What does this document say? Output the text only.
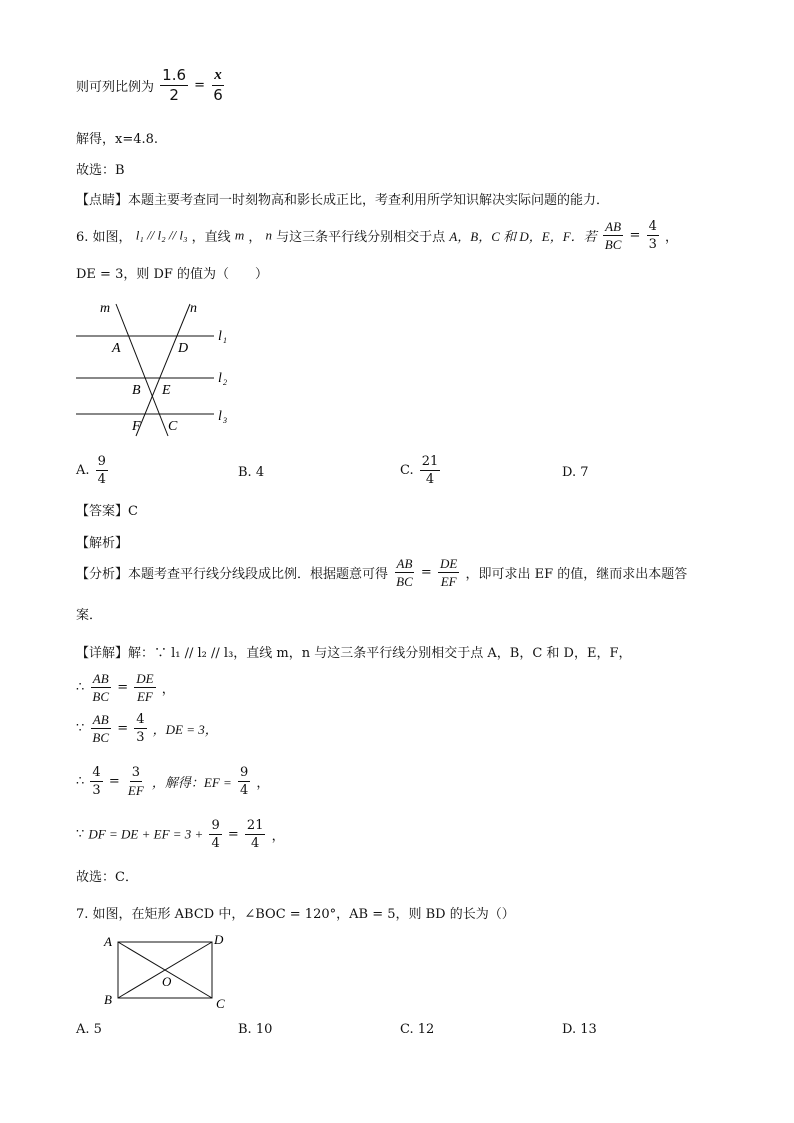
则可列比例为 $\frac{1.6}{2} = \frac{x}{6}$
解得，x=4.8.
故选：B
【点睛】本题主要考查同一时刻物高和影长成正比，考查利用所学知识解决实际问题的能力．
6. 如图， l₁ // l₂ // l₃ ，直线 m ， n 与这三条平行线分别相交于点 A，B，C 和 D，E，F．若 $\frac{AB}{BC} = \frac{4}{3}$ ，
DE = 3，则 DF 的值为（　　）
m	n
l 1
l 2
l 3
A	D
B E
F C
A. $\frac{9}{4}$	B. 4	C. $\frac{21}{4}$	D. 7
【答案】C
【解析】
【分析】本题考查平行线分线段成比例．根据题意可得 $\frac{AB}{BC} = \frac{DE}{EF}$ ，即可求出 EF 的值，继而求出本题答
案．
【详解】解：∵ l₁ // l₂ // l₃，直线 m，n 与这三条平行线分别相交于点 A，B，C 和 D，E，F，
∴ $\frac{AB}{BC} = \frac{DE}{EF}$ ，
∵ $\frac{AB}{BC} = \frac{4}{3}$ ，DE = 3，
∴ $\frac{4}{3} = \frac{3}{EF}$ ，解得：EF = $\frac{9}{4}$ ，
∵ DF = DE + EF = $3 + \frac{9}{4} = \frac{21}{4}$ ，
故选：C．
7. 如图，在矩形 ABCD 中，∠BOC = 120°，AB = 5，则 BD 的长为（）
A	D
B	C
O
A. 5	B. 10	C. 12	D. 13
